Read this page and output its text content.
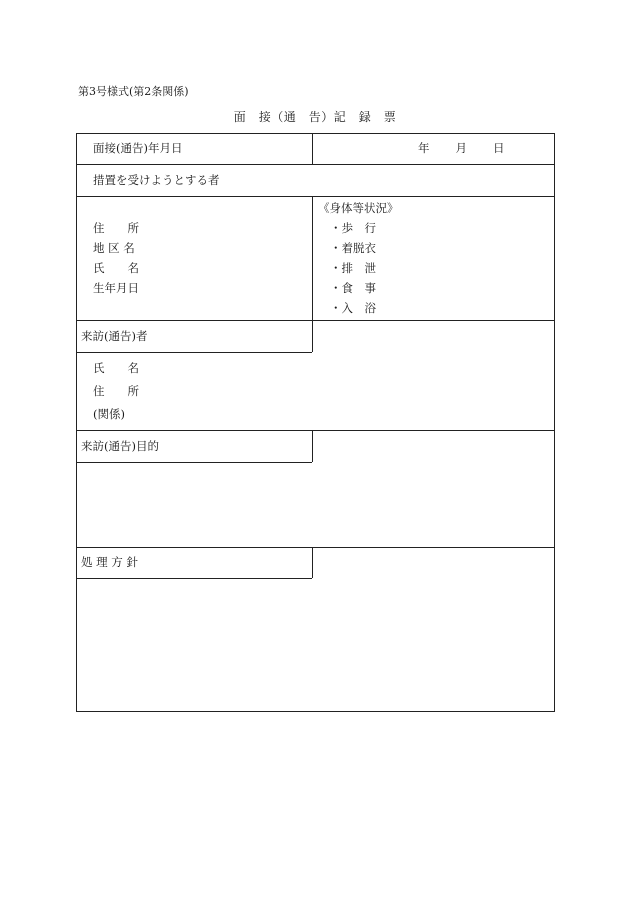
第3号様式(第2条関係)
面　接（通　告）記　録　票
面接(通告)年月日	年　　月　　日
措置を受けようとする者
住　　所
地 区 名
氏　　名
生年月日
《身体等状況》
・ 歩　行
・ 着脱衣
・ 排　泄
・ 食　事
・ 入　浴
来訪(通告)者
氏　　名
住　　所
(関係)
来訪(通告)目的
処 理 方 針
